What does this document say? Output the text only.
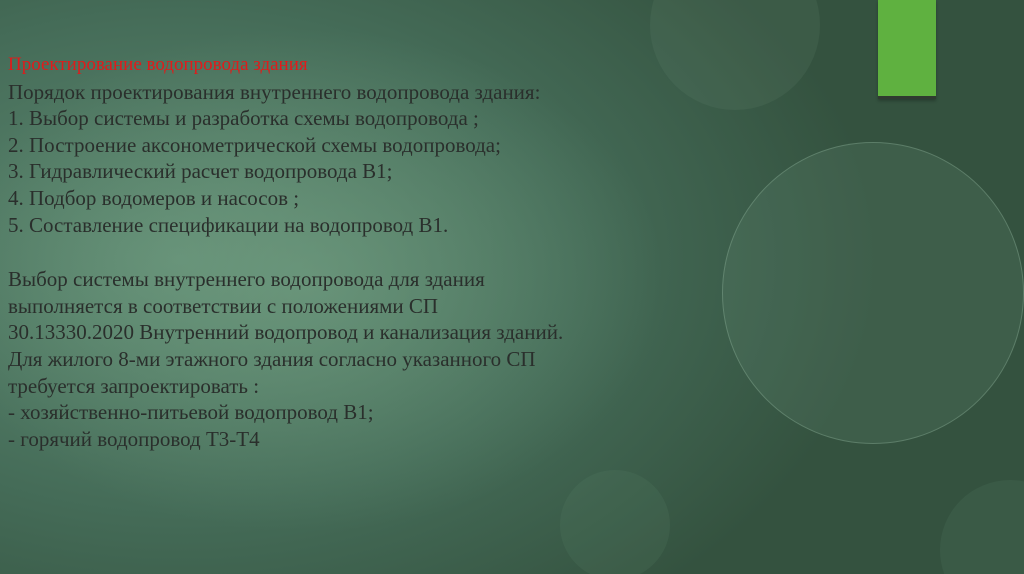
Проектирование водопровода здания
Порядок проектирования внутреннего водопровода здания:
1. Выбор системы и разработка схемы водопровода ;
2. Построение аксонометрической схемы водопровода;
3. Гидравлический расчет водопровода В1;
4. Подбор водомеров и насосов ;
5. Составление спецификации на водопровод В1.
Выбор системы внутреннего водопровода для здания
выполняется в соответствии с положениями СП
30.13330.2020 Внутренний водопровод и канализация зданий.
Для жилого 8-ми этажного здания согласно указанного СП
требуется запроектировать :
- хозяйственно-питьевой водопровод В1;
- горячий водопровод Т3-Т4
